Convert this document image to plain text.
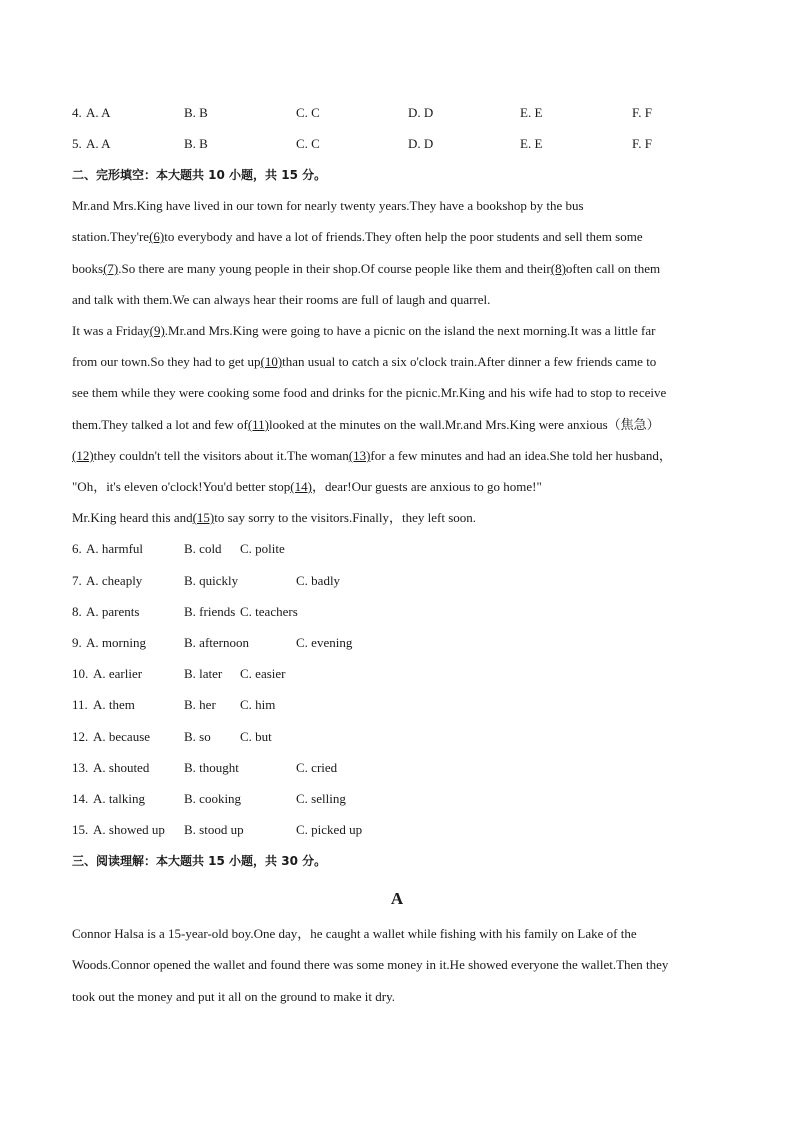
4. A. A	B. B	C. C	D. D	E. E	F. F
5. A. A	B. B	C. C	D. D	E. E	F. F
二、完形填空：本大题共 10 小题，共 15 分。
Mr.and Mrs.King have lived in our town for nearly twenty years.They have a bookshop by the bus
station.They're(6)to everybody and have a lot of friends.They often help the poor students and sell them some
books(7).So there are many young people in their shop.Of course people like them and their(8)often call on them
and talk with them.We can always hear their rooms are full of laugh and quarrel.
It was a Friday(9).Mr.and Mrs.King were going to have a picnic on the island the next morning.It was a little far
from our town.So they had to get up(10)than usual to catch a six o'clock train.After dinner a few friends came to
see them while they were cooking some food and drinks for the picnic.Mr.King and his wife had to stop to receive
them.They talked a lot and few of(11)looked at the minutes on the wall.Mr.and Mrs.King were anxious（焦急）
(12)they couldn't tell the visitors about it.The woman(13)for a few minutes and had an idea.She told her husband，
"Oh，it's eleven o'clock!You'd better stop(14)，dear!Our guests are anxious to go home!"
Mr.King heard this and(15)to say sorry to the visitors.Finally，they left soon.
6. A. harmful	B. cold C. polite
7. A. cheaply	B. quickly	C. badly
8. A. parents	B. friends C. teachers
9. A. morning	B. afternoon	C. evening
10. A. earlier	B. later C. easier
11. A. them	B. her C. him
12. A. because	B. so C. but
13. A. shouted	B. thought	C. cried
14. A. talking	B. cooking	C. selling
15. A. showed up B. stood up	C. picked up
三、阅读理解：本大题共 15 小题，共 30 分。
A
Connor Halsa is a 15-year-old boy.One day，he caught a wallet while fishing with his family on Lake of the
Woods.Connor opened the wallet and found there was some money in it.He showed everyone the wallet.Then they
took out the money and put it all on the ground to make it dry.
